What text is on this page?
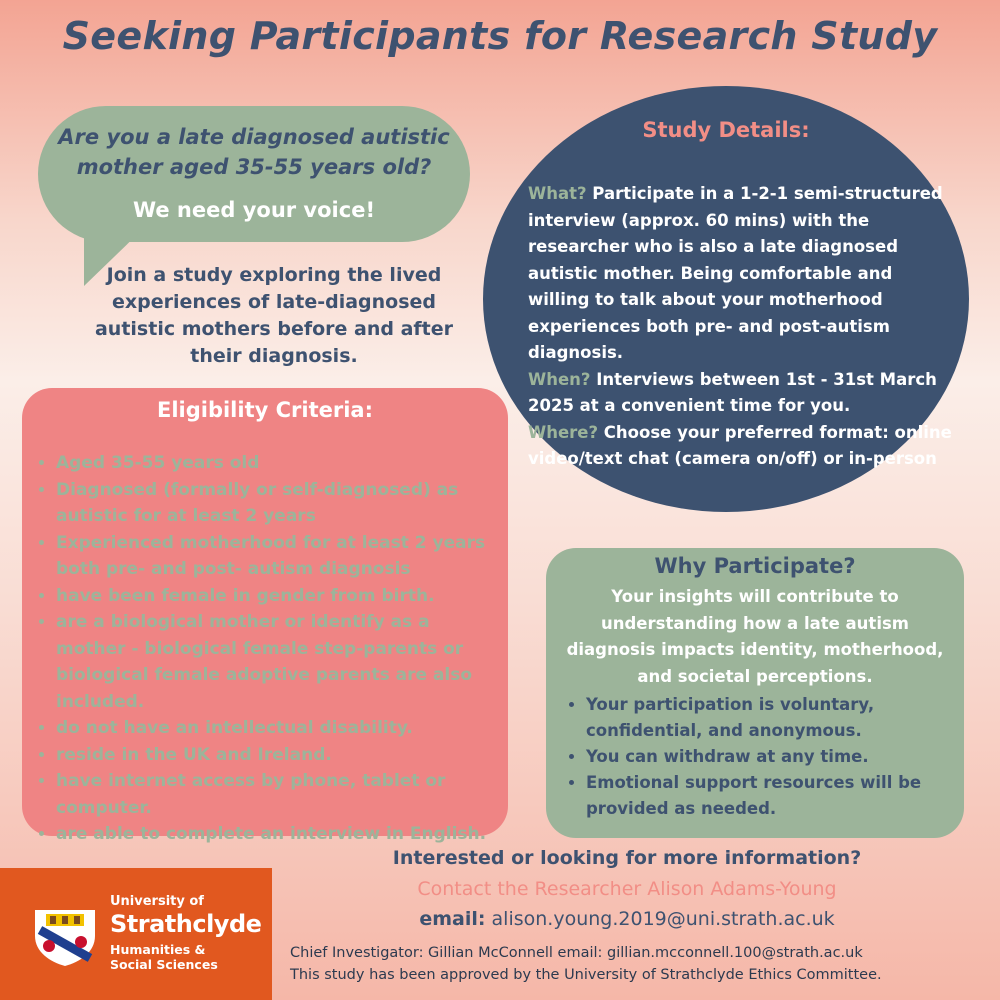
Seeking Participants for Research Study
Are you a late diagnosed autistic
mother aged 35-55 years old?
We need your voice!
Join a study exploring the lived
experiences of late-diagnosed
autistic mothers before and after
their diagnosis.
Study Details:
What? Participate in a 1-2-1 semi-structured interview (approx. 60 mins) with the researcher who is also a late diagnosed autistic mother. Being comfortable and willing to talk about your motherhood experiences both pre- and post-autism diagnosis.
When? Interviews between 1st - 31st March 2025 at a convenient time for you.
Where? Choose your preferred format: online video/text chat (camera on/off) or in-person
Eligibility Criteria:
• Aged 35-55 years old
• Diagnosed (formally or self-diagnosed) as autistic for at least 2 years
• Experienced motherhood for at least 2 years both pre- and post- autism diagnosis
• have been female in gender from birth.
• are a biological mother or identify as a mother - biological female step-parents or biological female adoptive parents are also included.
• do not have an intellectual disability.
• reside in the UK and Ireland.
• have internet access by phone, tablet or computer.
• are able to complete an interview in English.
Why Participate?
Your insights will contribute to understanding how a late autism diagnosis impacts identity, motherhood, and societal perceptions.
• Your participation is voluntary, confidential, and anonymous.
• You can withdraw at any time.
• Emotional support resources will be provided as needed.
University of
Strathclyde
Humanities &
Social Sciences
Interested or looking for more information?
Contact the Researcher Alison Adams-Young
email: alison.young.2019@uni.strath.ac.uk
Chief Investigator: Gillian McConnell email: gillian.mcconnell.100@strath.ac.uk
This study has been approved by the University of Strathclyde Ethics Committee.
